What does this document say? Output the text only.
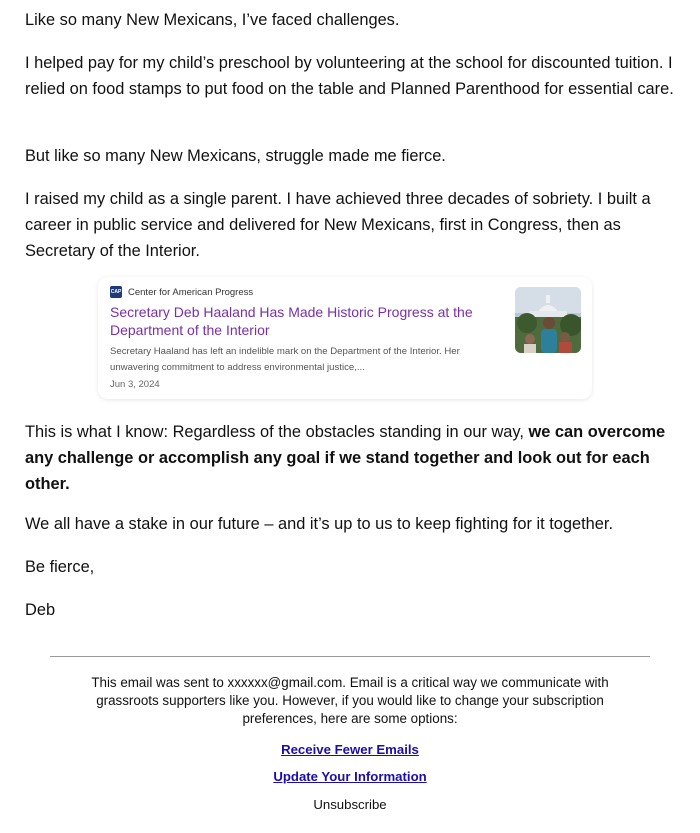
Like so many New Mexicans, I’ve faced challenges.

I helped pay for my child’s preschool by volunteering at the school for discounted tuition. I relied on food stamps to put food on the table and Planned Parenthood for essential care.

But like so many New Mexicans, struggle made me fierce.

I raised my child as a single parent. I have achieved three decades of sobriety. I built a career in public service and delivered for New Mexicans, first in Congress, then as Secretary of the Interior.

CAP Center for American Progress
Secretary Deb Haaland Has Made Historic Progress at the Department of the Interior
Secretary Haaland has left an indelible mark on the Department of the Interior. Her unwavering commitment to address environmental justice,...
Jun 3, 2024

This is what I know: Regardless of the obstacles standing in our way, we can overcome any challenge or accomplish any goal if we stand together and look out for each other.

We all have a stake in our future – and it’s up to us to keep fighting for it together.

Be fierce,

Deb

This email was sent to xxxxxx@gmail.com. Email is a critical way we communicate with grassroots supporters like you. However, if you would like to change your subscription preferences, here are some options:
Receive Fewer Emails
Update Your Information
Unsubscribe
